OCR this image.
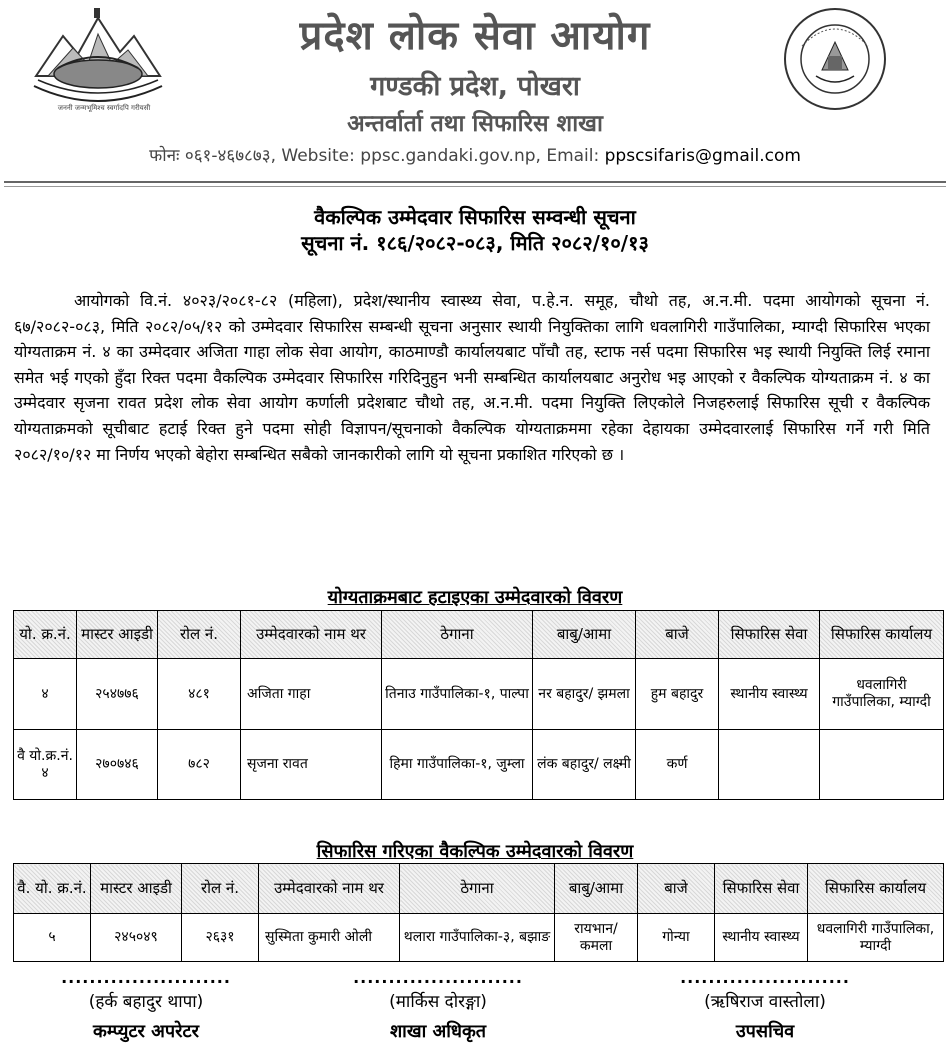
जननी जन्मभूमिश्च स्वर्गादपि गरीयसी
प्रदेश लोक सेवा आयोग
गण्डकी प्रदेश, पोखरा
अन्तर्वार्ता तथा सिफारिस शाखा
फोनः ०६१-४६७८७३, Website: ppsc.gandaki.gov.np, Email: ppscsifaris@gmail.com
वैकल्पिक उम्मेदवार सिफारिस सम्वन्धी सूचना
सूचना नं. १८६/२०८२-०८३, मिति २०८२/१०/१३
आयोगको वि.नं. ४०२३/२०८१-८२ (महिला), प्रदेश/स्थानीय स्वास्थ्य सेवा, प.हे.न. समूह, चौथो तह, अ.न.मी. पदमा आयोगको सूचना नं. ६७/२०८२-०८३, मिति २०८२/०५/१२ को उम्मेदवार सिफारिस सम्बन्धी सूचना अनुसार स्थायी नियुक्तिका लागि धवलागिरी गाउँपालिका, म्याग्दी सिफारिस भएका योग्यताक्रम नं. ४ का उम्मेदवार अजिता गाहा लोक सेवा आयोग, काठमाण्डौ कार्यालयबाट पाँचौ तह, स्टाफ नर्स पदमा सिफारिस भइ स्थायी नियुक्ति लिई रमाना समेत भई गएको हुँदा रिक्त पदमा वैकल्पिक उम्मेदवार सिफारिस गरिदिनुहुन भनी सम्बन्धित कार्यालयबाट अनुरोध भइ आएको र वैकल्पिक योग्यताक्रम नं. ४ का उम्मेदवार सृजना रावत प्रदेश लोक सेवा आयोग कर्णाली प्रदेशबाट चौथो तह, अ.न.मी. पदमा नियुक्ति लिएकोले निजहरुलाई सिफारिस सूची र वैकल्पिक योग्यताक्रमको सूचीबाट हटाई रिक्त हुने पदमा सोही विज्ञापन/सूचनाको वैकल्पिक योग्यताक्रममा रहेका देहायका उम्मेदवारलाई सिफारिस गर्ने गरी मिति २०८२/१०/१२ मा निर्णय भएको बेहोरा सम्बन्धित सबैको जानकारीको लागि यो सूचना प्रकाशित गरिएको छ ।
योग्यताक्रमबाट हटाइएका उम्मेदवारको विवरण
यो. क्र.नं.	मास्टर आइडी	रोल नं.	उम्मेदवारको नाम थर	ठेगाना	बाबु/आमा	बाजे	सिफारिस सेवा	सिफारिस कार्यालय
४	२५४७७६	४८१	अजिता गाहा	तिनाउ गाउँपालिका-१, पाल्पा	नर बहादुर/ झमला	हुम बहादुर	स्थानीय स्वास्थ्य	धवलागिरी गाउँपालिका, म्याग्दी
वै यो.क्र.नं. ४	२७०७४६	७८२	सृजना रावत	हिमा गाउँपालिका-१, जुम्ला	लंक बहादुर/ लक्ष्मी	कर्ण		
सिफारिस गरिएका वैकल्पिक उम्मेदवारको विवरण
वै. यो. क्र.नं.	मास्टर आइडी	रोल नं.	उम्मेदवारको नाम थर	ठेगाना	बाबु/आमा	बाजे	सिफारिस सेवा	सिफारिस कार्यालय
५	२४५०४९	२६३१	सुस्मिता कुमारी ओली	थलारा गाउँपालिका-३, बझाङ	रायभान/ कमला	गोन्या	स्थानीय स्वास्थ्य	धवलागिरी गाउँपालिका, म्याग्दी
........................
(हर्क बहादुर थापा)
कम्प्युटर अपरेटर
........................
(मार्किस दोरङ्गा)
शाखा अधिकृत
........................
(ऋषिराज वास्तोला)
उपसचिव
